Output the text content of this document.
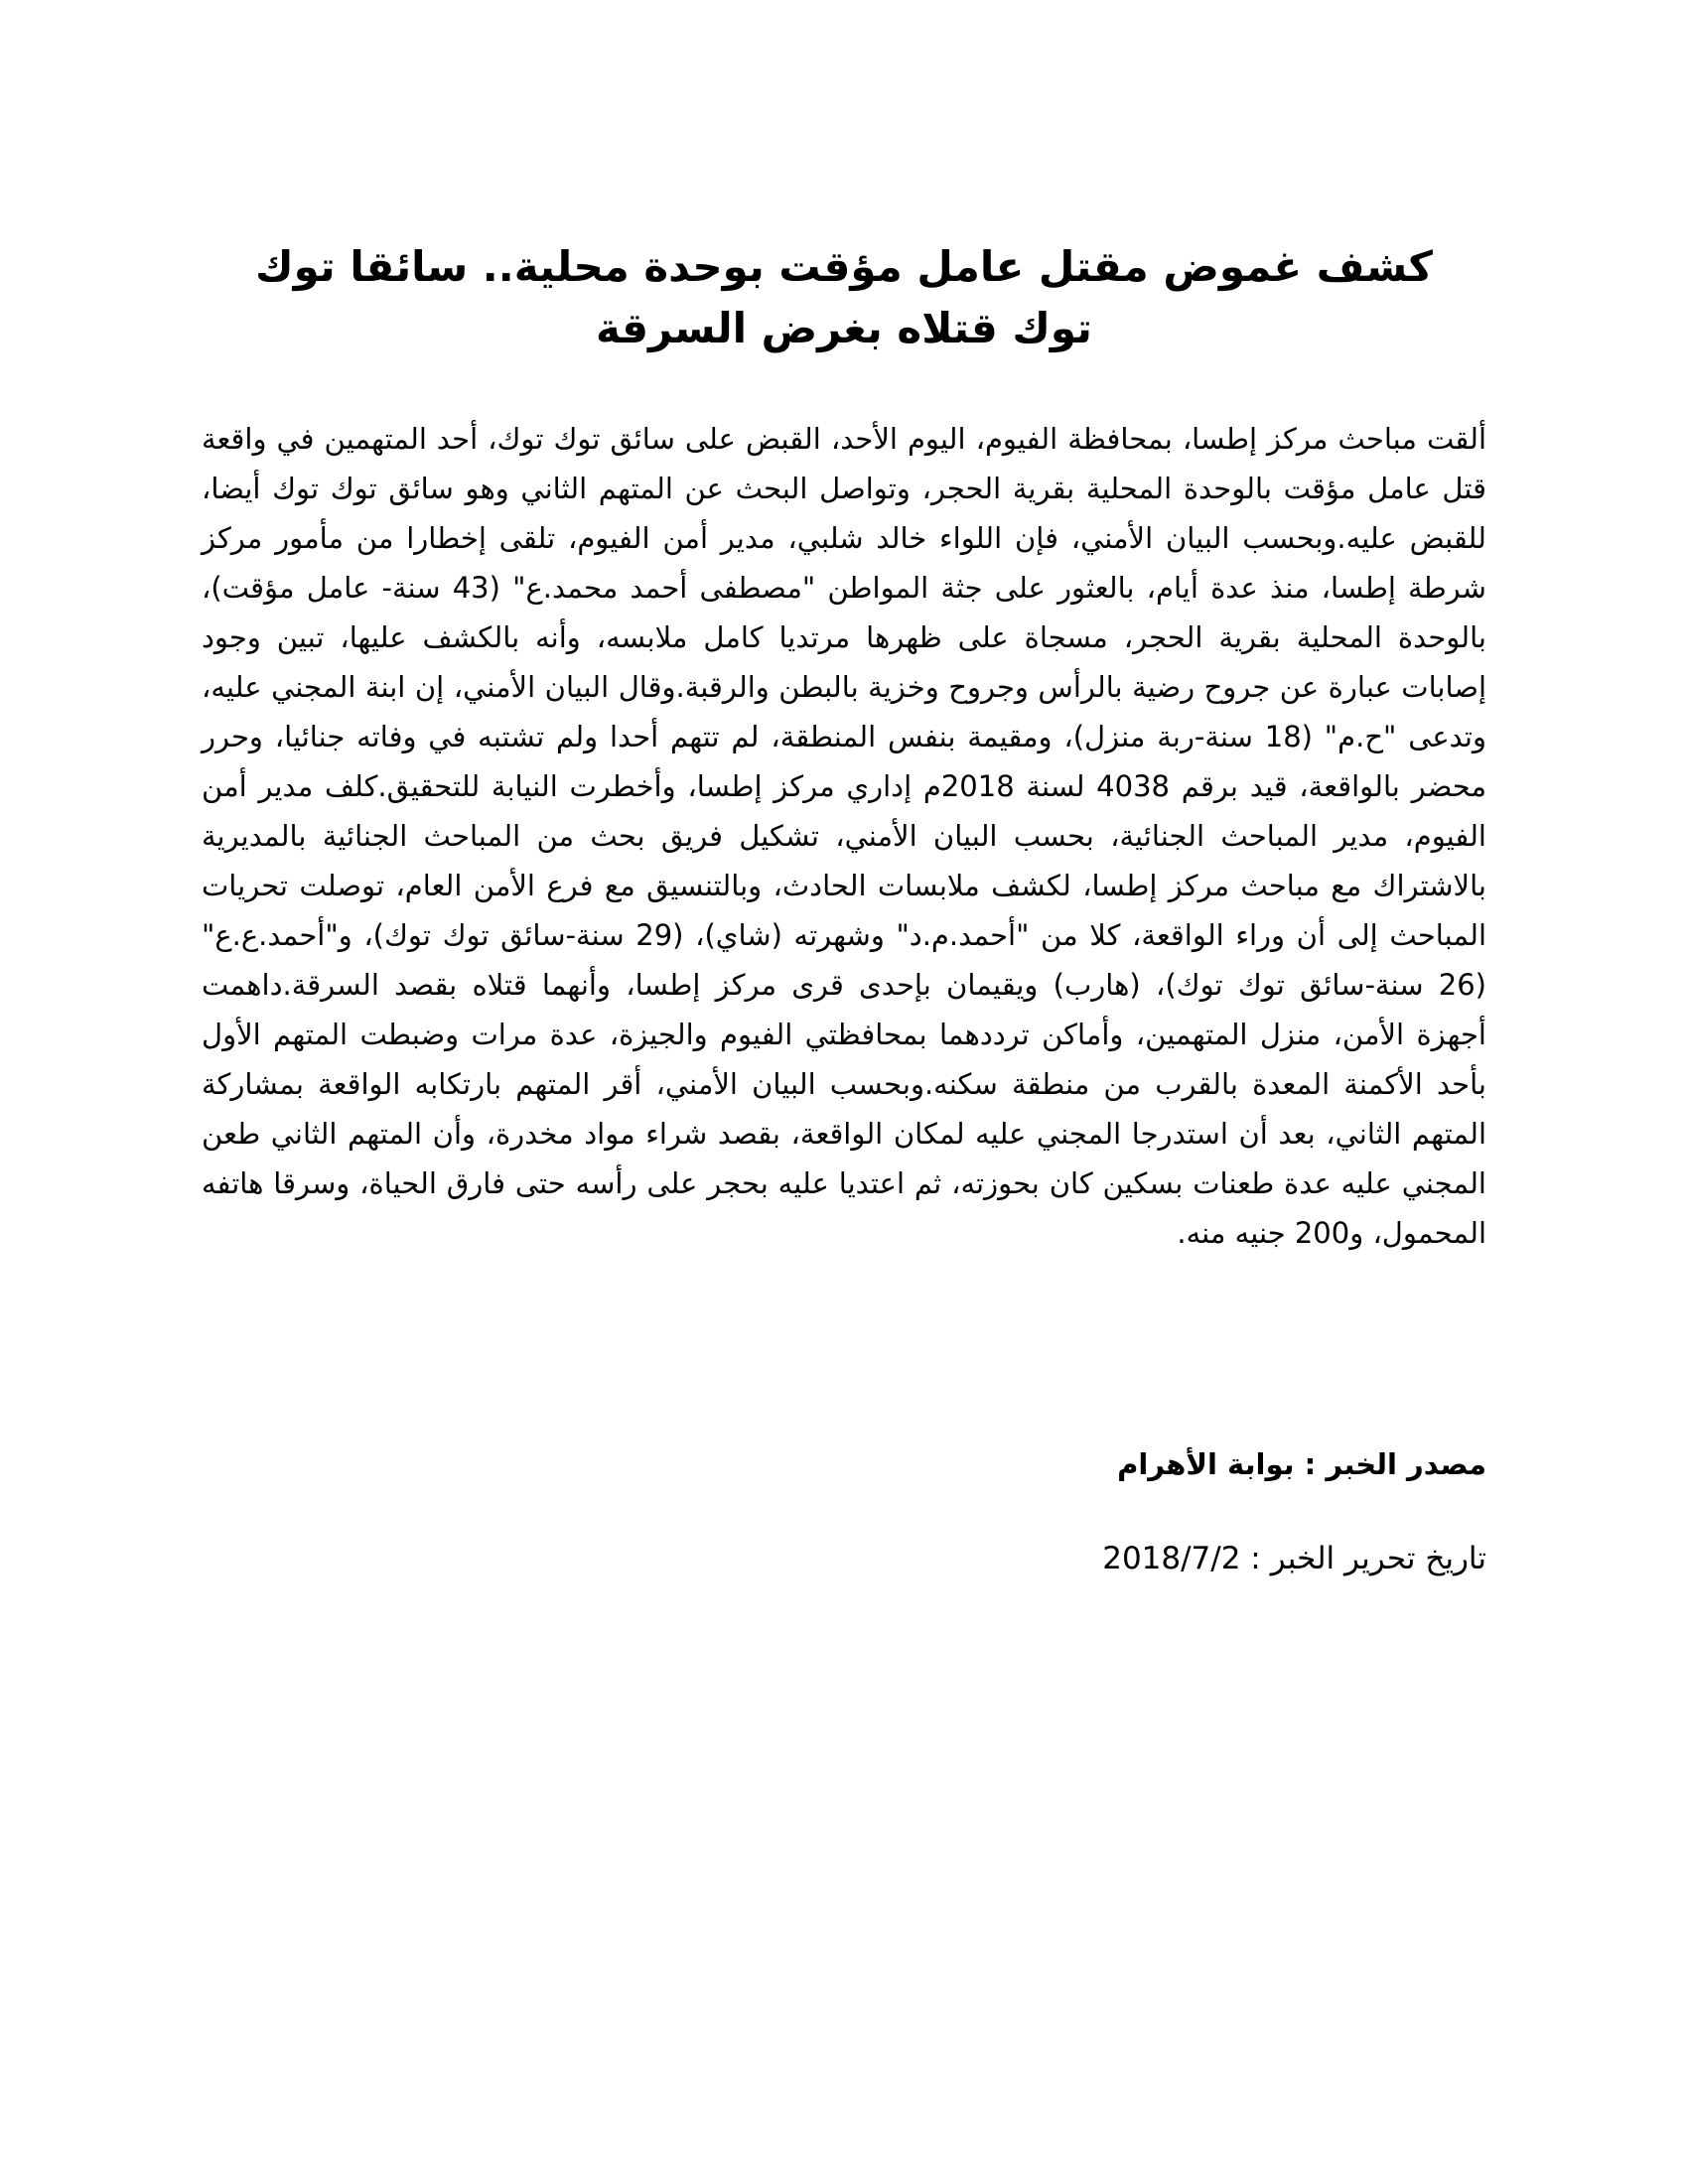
كشف غموض مقتل عامل مؤقت بوحدة محلية.. سائقا توك توك قتلاه بغرض السرقة

ألقت مباحث مركز إطسا، بمحافظة الفيوم، اليوم الأحد، القبض على سائق توك توك، أحد المتهمين في واقعة قتل عامل مؤقت بالوحدة المحلية بقرية الحجر، وتواصل البحث عن المتهم الثاني وهو سائق توك توك أيضا، للقبض عليه.وبحسب البيان الأمني، فإن اللواء خالد شلبي، مدير أمن الفيوم، تلقى إخطارا من مأمور مركز شرطة إطسا، منذ عدة أيام، بالعثور على جثة المواطن "مصطفى أحمد محمد.ع" (43 سنة- عامل مؤقت)، بالوحدة المحلية بقرية الحجر، مسجاة على ظهرها مرتديا كامل ملابسه، وأنه بالكشف عليها، تبين وجود إصابات عبارة عن جروح رضية بالرأس وجروح وخزية بالبطن والرقبة.وقال البيان الأمني، إن ابنة المجني عليه، وتدعى "ح.م" (18 سنة-ربة منزل)، ومقيمة بنفس المنطقة، لم تتهم أحدا ولم تشتبه في وفاته جنائيا، وحرر محضر بالواقعة، قيد برقم 4038 لسنة 2018م إداري مركز إطسا، وأخطرت النيابة للتحقيق.كلف مدير أمن الفيوم، مدير المباحث الجنائية، بحسب البيان الأمني، تشكيل فريق بحث من المباحث الجنائية بالمديرية بالاشتراك مع مباحث مركز إطسا، لكشف ملابسات الحادث، وبالتنسيق مع فرع الأمن العام، توصلت تحريات المباحث إلى أن وراء الواقعة، كلا من "أحمد.م.د" وشهرته (شاي)، (29 سنة-سائق توك توك)، و"أحمد.ع.ع" (26 سنة-سائق توك توك)، (هارب) ويقيمان بإحدى قرى مركز إطسا، وأنهما قتلاه بقصد السرقة.داهمت أجهزة الأمن، منزل المتهمين، وأماكن ترددهما بمحافظتي الفيوم والجيزة، عدة مرات وضبطت المتهم الأول بأحد الأكمنة المعدة بالقرب من منطقة سكنه.وبحسب البيان الأمني، أقر المتهم بارتكابه الواقعة بمشاركة المتهم الثاني، بعد أن استدرجا المجني عليه لمكان الواقعة، بقصد شراء مواد مخدرة، وأن المتهم الثاني طعن المجني عليه عدة طعنات بسكين كان بحوزته، ثم اعتديا عليه بحجر على رأسه حتى فارق الحياة، وسرقا هاتفه المحمول، و200 جنيه منه.

مصدر الخبر : بوابة الأهرام

تاريخ تحرير الخبر : 2018/7/2
